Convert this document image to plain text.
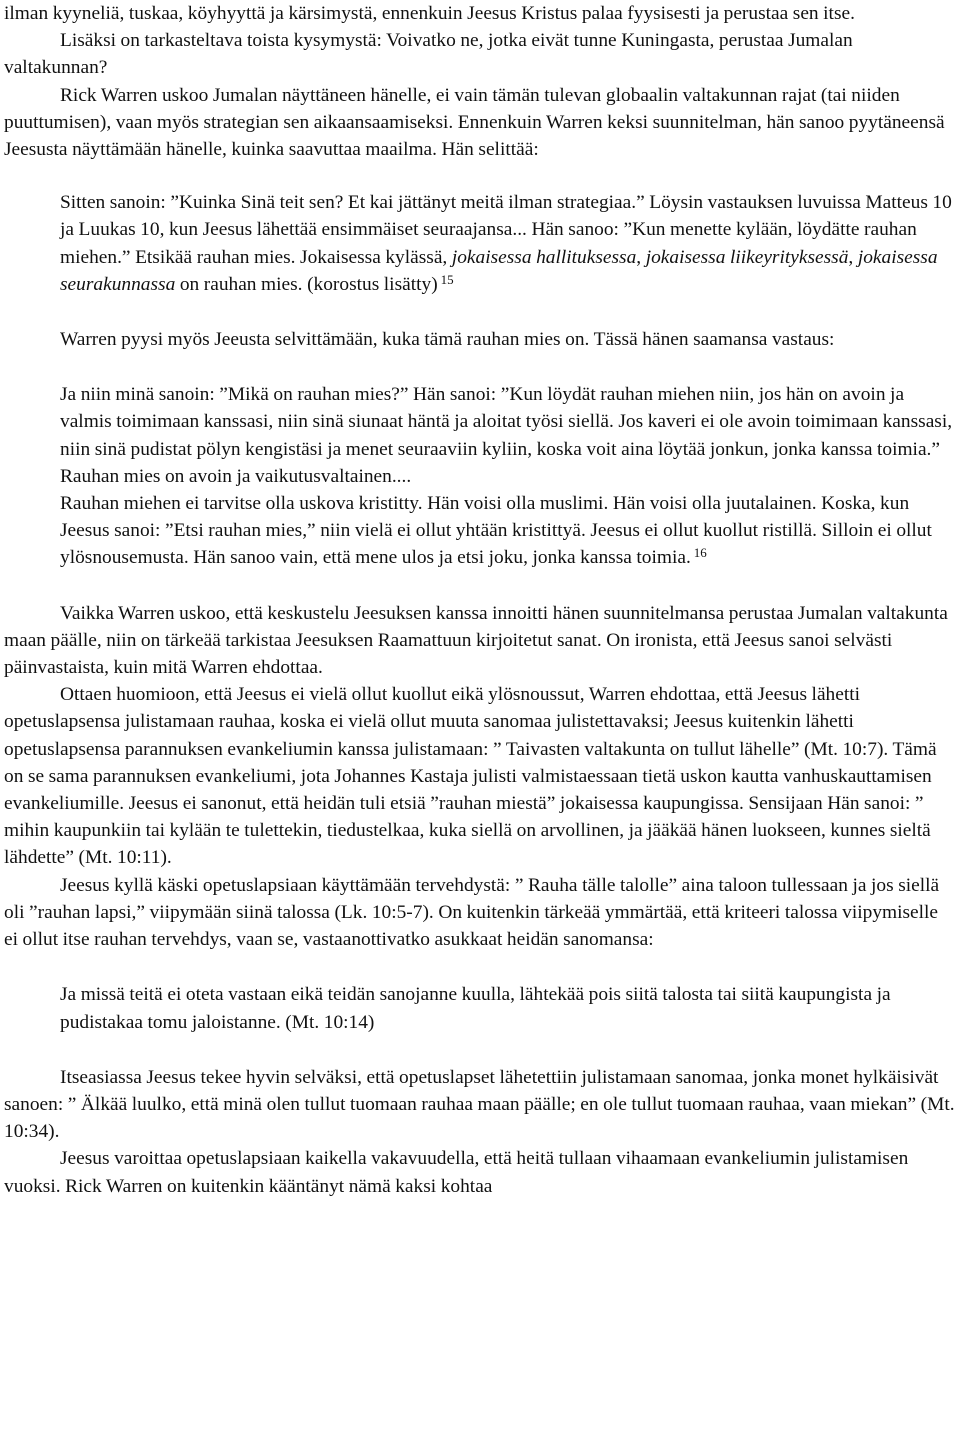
ilman kyyneliä, tuskaa, köyhyyttä ja kärsimystä, ennenkuin Jeesus Kristus palaa fyysisesti ja perustaa sen itse.

Lisäksi on tarkasteltava toista kysymystä: Voivatko ne, jotka eivät tunne Kuningasta, perustaa Jumalan valtakunnan?

Rick Warren uskoo Jumalan näyttäneen hänelle, ei vain tämän tulevan globaalin valtakunnan rajat (tai niiden puuttumisen), vaan myös strategian sen aikaansaamiseksi. Ennenkuin Warren keksi suunnitelman, hän sanoo pyytäneensä Jeesusta näyttämään hänelle, kuinka saavuttaa maailma. Hän selittää:

Sitten sanoin: ”Kuinka Sinä teit sen? Et kai jättänyt meitä ilman strategiaa.” Löysin vastauksen luvuissa Matteus 10 ja Luukas 10, kun Jeesus lähettää ensimmäiset seuraajansa... Hän sanoo: ”Kun menette kylään, löydätte rauhan miehen.” Etsikää rauhan mies. Jokaisessa kylässä, jokaisessa hallituksessa, jokaisessa liikeyrityksessä, jokaisessa seurakunnassa on rauhan mies. (korostus lisätty) $^{15}$

Warren pyysi myös Jeeusta selvittämään, kuka tämä rauhan mies on. Tässä hänen saamansa vastaus:

Ja niin minä sanoin: ”Mikä on rauhan mies?” Hän sanoi: ”Kun löydät rauhan miehen niin, jos hän on avoin ja valmis toimimaan kanssasi, niin sinä siunaat häntä ja aloitat työsi siellä. Jos kaveri ei ole avoin toimimaan kanssasi, niin sinä pudistat pölyn kengistäsi ja menet seuraaviin kyliin, koska voit aina löytää jonkun, jonka kanssa toimia.” Rauhan mies on avoin ja vaikutusvaltainen....

Rauhan miehen ei tarvitse olla uskova kristitty. Hän voisi olla muslimi. Hän voisi olla juutalainen. Koska, kun Jeesus sanoi: ”Etsi rauhan mies,” niin vielä ei ollut yhtään kristittyä. Jeesus ei ollut kuollut ristillä. Silloin ei ollut ylösnousemusta. Hän sanoo vain, että mene ulos ja etsi joku, jonka kanssa toimia. $^{16}$

Vaikka Warren uskoo, että keskustelu Jeesuksen kanssa innoitti hänen suunnitelmansa perustaa Jumalan valtakunta maan päälle, niin on tärkeää tarkistaa Jeesuksen Raamattuun kirjoitetut sanat. On ironista, että Jeesus sanoi selvästi päinvastaista, kuin mitä Warren ehdottaa.

Ottaen huomioon, että Jeesus ei vielä ollut kuollut eikä ylösnoussut, Warren ehdottaa, että Jeesus lähetti opetuslapsensa julistamaan rauhaa, koska ei vielä ollut muuta sanomaa julistettavaksi; Jeesus kuitenkin lähetti opetuslapsensa parannuksen evankeliumin kanssa julistamaan: ” Taivasten valtakunta on tullut lähelle” (Mt. 10:7). Tämä on se sama parannuksen evankeliumi, jota Johannes Kastaja julisti valmistaessaan tietä uskon kautta vanhuskauttamisen evankeliumille. Jeesus ei sanonut, että heidän tuli etsiä ”rauhan miestä” jokaisessa kaupungissa. Sensijaan Hän sanoi: ” mihin kaupunkiin tai kylään te tulettekin, tiedustelkaa, kuka siellä on arvollinen, ja jääkää hänen luokseen, kunnes sieltä lähdette” (Mt. 10:11).

Jeesus kyllä käski opetuslapsiaan käyttämään tervehdystä: ” Rauha tälle talolle” aina taloon tullessaan ja jos siellä oli ”rauhan lapsi,” viipymään siinä talossa (Lk. 10:5-7). On kuitenkin tärkeää ymmärtää, että kriteeri talossa viipymiselle ei ollut itse rauhan tervehdys, vaan se, vastaanottivatko asukkaat heidän sanomansa:

Ja missä teitä ei oteta vastaan eikä teidän sanojanne kuulla, lähtekää pois siitä talosta tai siitä kaupungista ja pudistakaa tomu jaloistanne. (Mt. 10:14)

Itseasiassa Jeesus tekee hyvin selväksi, että opetuslapset lähetettiin julistamaan sanomaa, jonka monet hylkäisivät sanoen: ” Älkää luulko, että minä olen tullut tuomaan rauhaa maan päälle; en ole tullut tuomaan rauhaa, vaan miekan” (Mt. 10:34).

Jeesus varoittaa opetuslapsiaan kaikella vakavuudella, että heitä tullaan vihaamaan evankeliumin julistamisen vuoksi. Rick Warren on kuitenkin kääntänyt nämä kaksi kohtaa
